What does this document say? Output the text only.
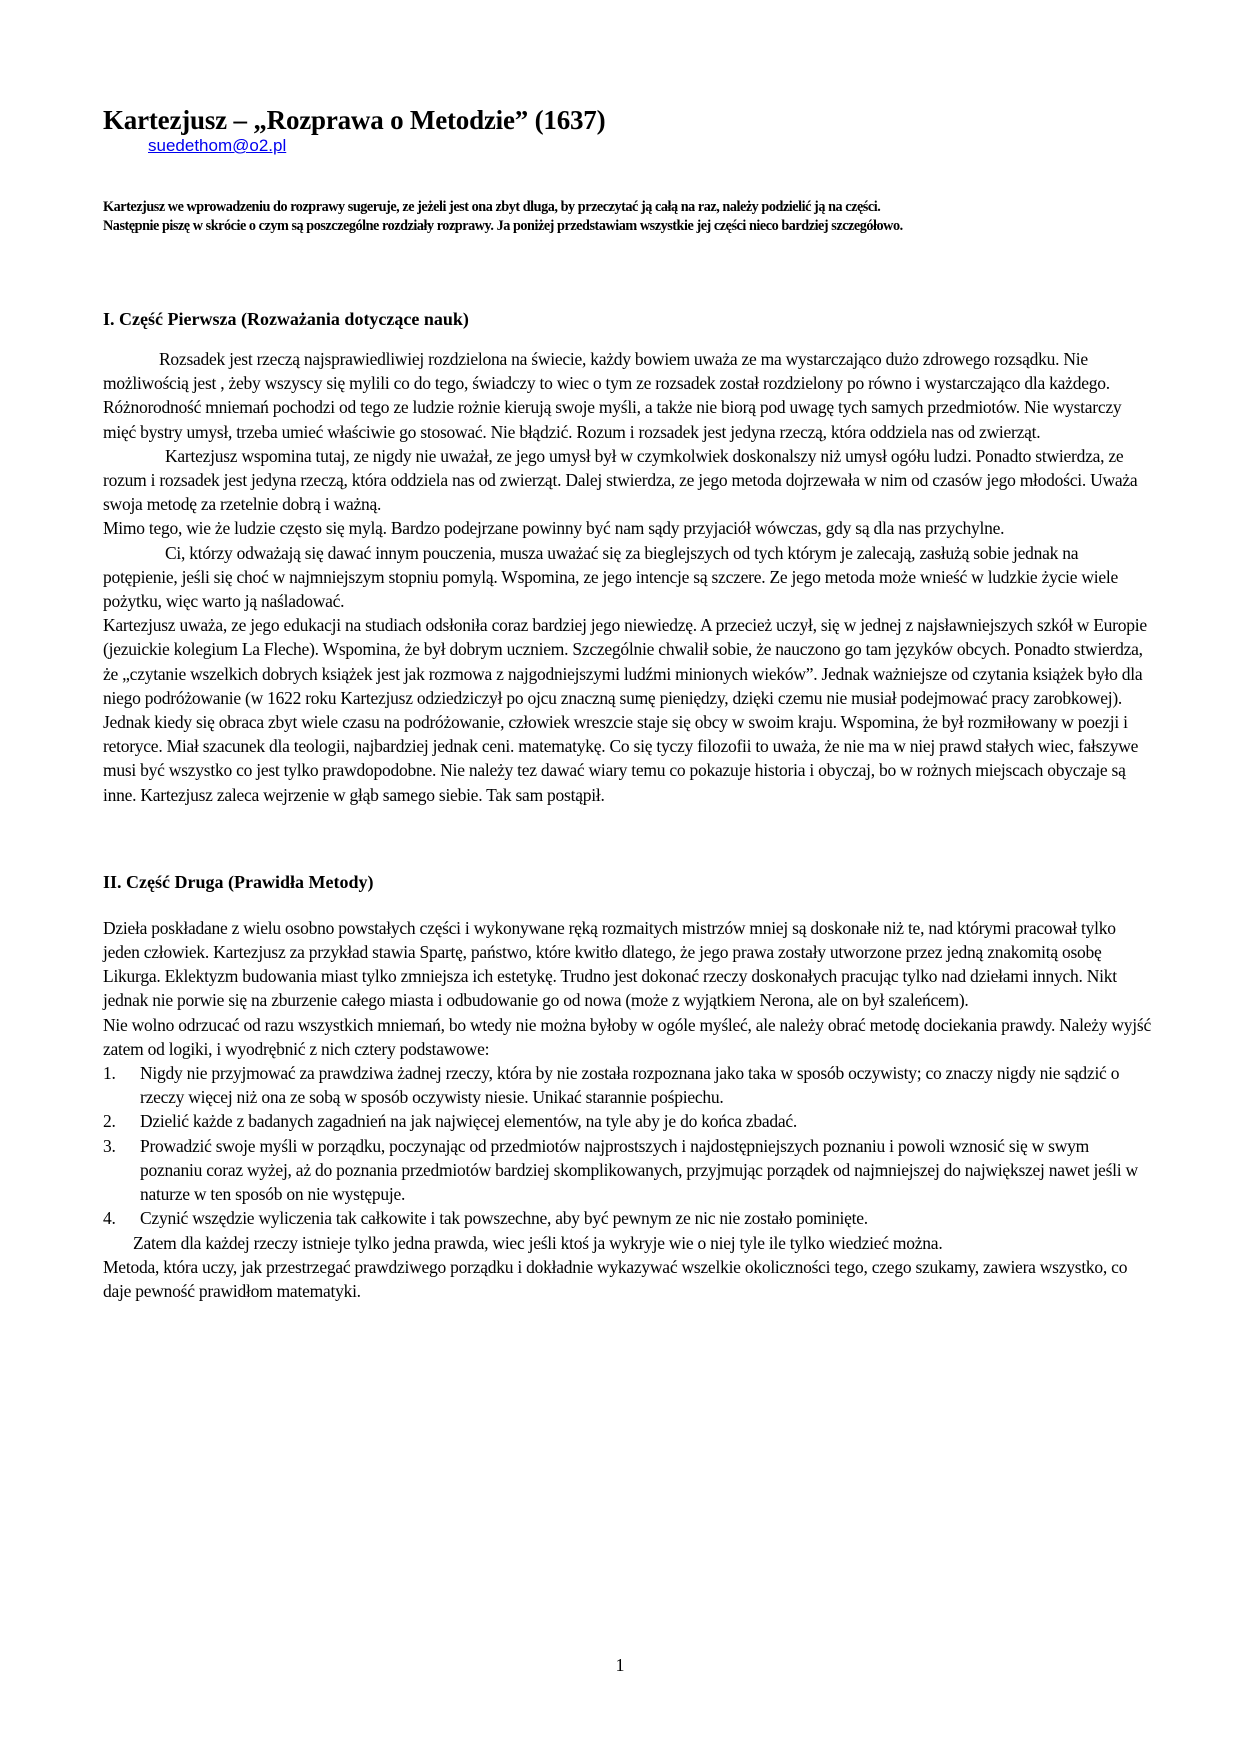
Kartezjusz – „Rozprawa o Metodzie” (1637)
suedethom@o2.pl

Kartezjusz we wprowadzeniu do rozprawy sugeruje, ze jeżeli jest ona zbyt dluga, by przeczytać ją całą na raz, należy podzielić ją na części.

Następnie piszę w skrócie o czym są poszczególne rozdziały rozprawy. Ja poniżej przedstawiam wszystkie jej części nieco bardziej szczegółowo.

I. Część Pierwsza (Rozważania dotyczące nauk)

Rozsadek jest rzeczą najsprawiedliwiej rozdzielona na świecie, każdy bowiem uważa ze ma wystarczająco dużo zdrowego rozsądku. Nie możliwością jest , żeby wszyscy się mylili co do tego, świadczy to wiec o tym ze rozsadek został rozdzielony po równo i wystarczająco dla każdego. Różnorodność mniemań pochodzi od tego ze ludzie rożnie kierują swoje myśli, a także nie biorą pod uwagę tych samych przedmiotów. Nie wystarczy mięć bystry umysł, trzeba umieć właściwie go stosować. Nie błądzić. Rozum i rozsadek jest jedyna rzeczą, która oddziela nas od zwierząt.

Kartezjusz wspomina tutaj, ze nigdy nie uważał, ze jego umysł był w czymkolwiek doskonalszy niż umysł ogółu ludzi. Ponadto stwierdza, ze rozum i rozsadek jest jedyna rzeczą, która oddziela nas od zwierząt. Dalej stwierdza, ze jego metoda dojrzewała w nim od czasów jego młodości. Uważa swoja metodę za rzetelnie dobrą i ważną.

Mimo tego, wie że ludzie często się mylą. Bardzo podejrzane powinny być nam sądy przyjaciół wówczas, gdy są dla nas przychylne.

Ci, którzy odważają się dawać innym pouczenia, musza uważać się za bieglejszych od tych którym je zalecają, zasłużą sobie jednak na potępienie, jeśli się choć w najmniejszym stopniu pomylą. Wspomina, ze jego intencje są szczere. Ze jego metoda może wnieść w ludzkie życie wiele pożytku, więc warto ją naśladować.

Kartezjusz uważa, ze jego edukacji na studiach odsłoniła coraz bardziej jego niewiedzę. A przecież uczył, się w jednej z najsławniejszych szkół w Europie (jezuickie kolegium La Fleche). Wspomina, że był dobrym uczniem. Szczególnie chwalił sobie, że nauczono go tam języków obcych. Ponadto stwierdza, że „czytanie wszelkich dobrych książek jest jak rozmowa z najgodniejszymi ludźmi minionych wieków”. Jednak ważniejsze od czytania książek było dla niego podróżowanie (w 1622 roku Kartezjusz odziedziczył po ojcu znaczną sumę pieniędzy, dzięki czemu nie musiał podejmować pracy zarobkowej). Jednak kiedy się obraca zbyt wiele czasu na podróżowanie, człowiek wreszcie staje się obcy w swoim kraju. Wspomina, że był rozmiłowany w poezji i retoryce. Miał szacunek dla teologii, najbardziej jednak ceni. matematykę. Co się tyczy filozofii to uważa, że nie ma w niej prawd stałych wiec, fałszywe musi być wszystko co jest tylko prawdopodobne. Nie należy tez dawać wiary temu co pokazuje historia i obyczaj, bo w rożnych miejscach obyczaje są inne. Kartezjusz zaleca wejrzenie w głąb samego siebie. Tak sam postąpił.

II. Część Druga (Prawidła Metody)

Dzieła poskładane z wielu osobno powstałych części i wykonywane ręką rozmaitych mistrzów mniej są doskonałe niż te, nad którymi pracował tylko jeden człowiek. Kartezjusz za przykład stawia Spartę, państwo, które kwitło dlatego, że jego prawa zostały utworzone przez jedną znakomitą osobę Likurga. Eklektyzm budowania miast tylko zmniejsza ich estetykę. Trudno jest dokonać rzeczy doskonałych pracując tylko nad dziełami innych. Nikt jednak nie porwie się na zburzenie całego miasta i odbudowanie go od nowa (może z wyjątkiem Nerona, ale on był szaleńcem).

Nie wolno odrzucać od razu wszystkich mniemań, bo wtedy nie można byłoby w ogóle myśleć, ale należy obrać metodę dociekania prawdy. Należy wyjść zatem od logiki, i wyodrębnić z nich cztery podstawowe:

1.	Nigdy nie przyjmować za prawdziwa żadnej rzeczy, która by nie została rozpoznana jako taka w sposób oczywisty; co znaczy nigdy nie sądzić o rzeczy więcej niż ona ze sobą w sposób oczywisty niesie. Unikać starannie pośpiechu.
2.	Dzielić każde z badanych zagadnień na jak najwięcej elementów, na tyle aby je do końca zbadać.
3.	Prowadzić swoje myśli w porządku, poczynając od przedmiotów najprostszych i najdostępniejszych poznaniu i powoli wznosić się w swym poznaniu coraz wyżej, aż do poznania przedmiotów bardziej skomplikowanych, przyjmując porządek od najmniejszej do największej nawet jeśli w naturze w ten sposób on nie występuje.
4.	Czynić wszędzie wyliczenia tak całkowite i tak powszechne, aby być pewnym ze nic nie zostało pominięte.

Zatem dla każdej rzeczy istnieje tylko jedna prawda, wiec jeśli ktoś ja wykryje wie o niej tyle ile tylko wiedzieć można.

Metoda, która uczy, jak przestrzegać prawdziwego porządku i dokładnie wykazywać wszelkie okoliczności tego, czego szukamy, zawiera wszystko, co daje pewność prawidłom matematyki.

1
